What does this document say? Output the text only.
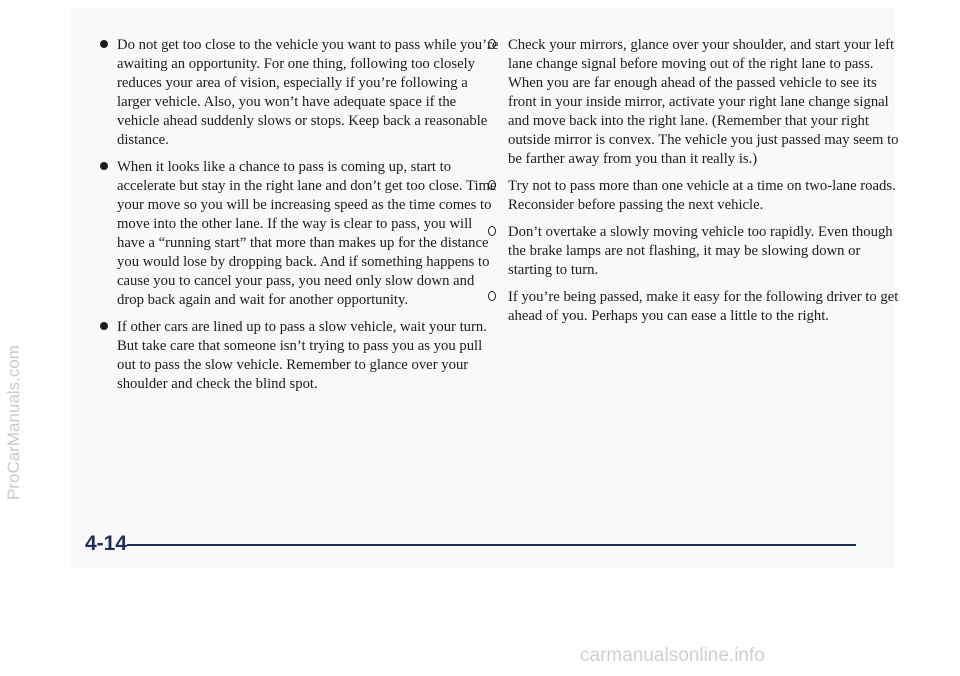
Do not get too close to the vehicle you want to pass while you’re awaiting an opportunity. For one thing, following too closely reduces your area of vision, especially if you’re following a larger vehicle. Also, you won’t have adequate space if the vehicle ahead suddenly slows or stops. Keep back a reasonable distance.

When it looks like a chance to pass is coming up, start to accelerate but stay in the right lane and don’t get too close. Time your move so you will be increasing speed as the time comes to move into the other lane. If the way is clear to pass, you will have a “running start” that more than makes up for the distance you would lose by dropping back. And if something happens to cause you to cancel your pass, you need only slow down and drop back again and wait for another opportunity.

If other cars are lined up to pass a slow vehicle, wait your turn. But take care that someone isn’t trying to pass you as you pull out to pass the slow vehicle. Remember to glance over your shoulder and check the blind spot.

Check your mirrors, glance over your shoulder, and start your left lane change signal before moving out of the right lane to pass. When you are far enough ahead of the passed vehicle to see its front in your inside mirror, activate your right lane change signal and move back into the right lane. (Remember that your right outside mirror is convex. The vehicle you just passed may seem to be farther away from you than it really is.)

Try not to pass more than one vehicle at a time on two-lane roads. Reconsider before passing the next vehicle.

Don’t overtake a slowly moving vehicle too rapidly. Even though the brake lamps are not flashing, it may be slowing down or starting to turn.

If you’re being passed, make it easy for the following driver to get ahead of you. Perhaps you can ease a little to the right.

4-14
ProCarManuals.com
carmanualsonline.info
